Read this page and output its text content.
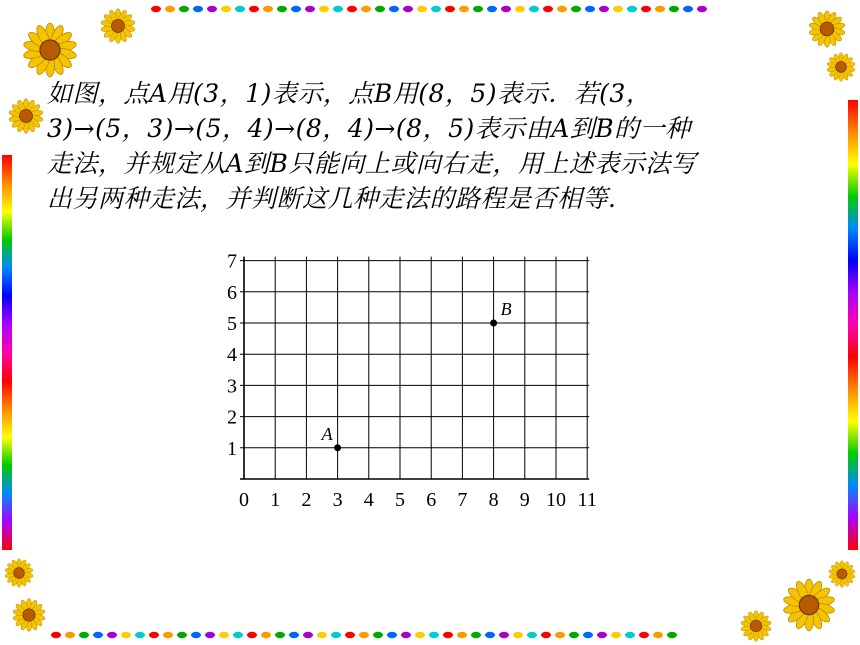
如图，点A用(3，1)表示，点B用(8，5)表示．若(3，

3)→(5，3)→(5，4)→(8，4)→(8，5)表示由A到B的一种

走法，并规定从A到B只能向上或向右走，用上述表示法写

出另两种走法，并判断这几种走法的路程是否相等.

0 1 2 3 4 5 6 7 8 9 10 11
1
2
3
4
5
6
7
A
B
